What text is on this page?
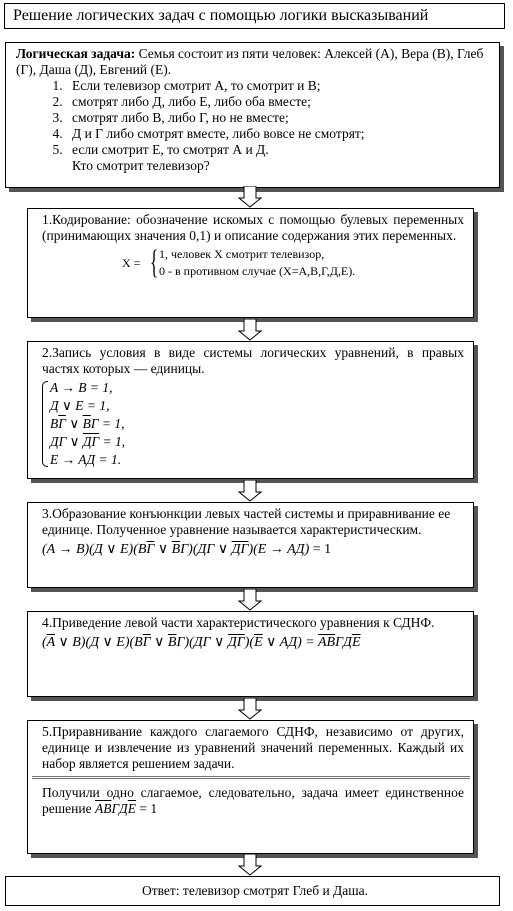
Решение логических задач с помощью логики высказываний
Логическая задача: Семья состоит из пяти человек: Алексей (А), Вера (В), Глеб (Г), Даша (Д), Евгений (Е).
1. Если телевизор смотрит А, то смотрит и В;
2. смотрят либо Д, либо Е, либо оба вместе;
3. смотрят либо В, либо Г, но не вместе;
4. Д и Г либо смотрят вместе, либо вовсе не смотрят;
5. если смотрит Е, то смотрят А и Д.
Кто смотрит телевизор?
1.Кодирование: обозначение искомых с помощью булевых переменных (принимающих значения 0,1) и описание содержания этих переменных.
X = { 1, человек X смотрит телевизор,
0 - в противном случае (X=А,В,Г,Д,Е).
2.Запись условия в виде системы логических уравнений, в правых частях которых — единицы.
A → B = 1,
Д ∨ E = 1,
BГ ∨ $\overline{B}Г = 1$,
ДГ ∨ ДГ = 1,
E → AД = 1.
3.Образование конъюнкции левых частей системы и приравнивание ее единице. Полученное уравнение называется характеристическим.
(A → B)(Д ∨ E)(BГ ∨ $\overline{B}Г)(ДГ$ ∨ ДГ)(E → AД) = 1
4.Приведение левой части характеристического уравнения к СДНФ.
($\overline{A}$ ∨ B)(Д ∨ E)(BГ ∨ $\overline{B}Г)(ДГ$ ∨ $ДГ)(\overline{E}$ ∨ $AД) = \overline{A}\overline{B}ГД\overline{E}$
5.Приравнивание каждого слагаемого СДНФ, независимо от других, единице и извлечение из уравнений значений переменных. Каждый их набор является решением задачи.
Получили одно слагаемое, следовательно, задача имеет единственное решение $\overline{A}\overline{B}ГД\overline{E} = 1$
Ответ: телевизор смотрят Глеб и Даша.
